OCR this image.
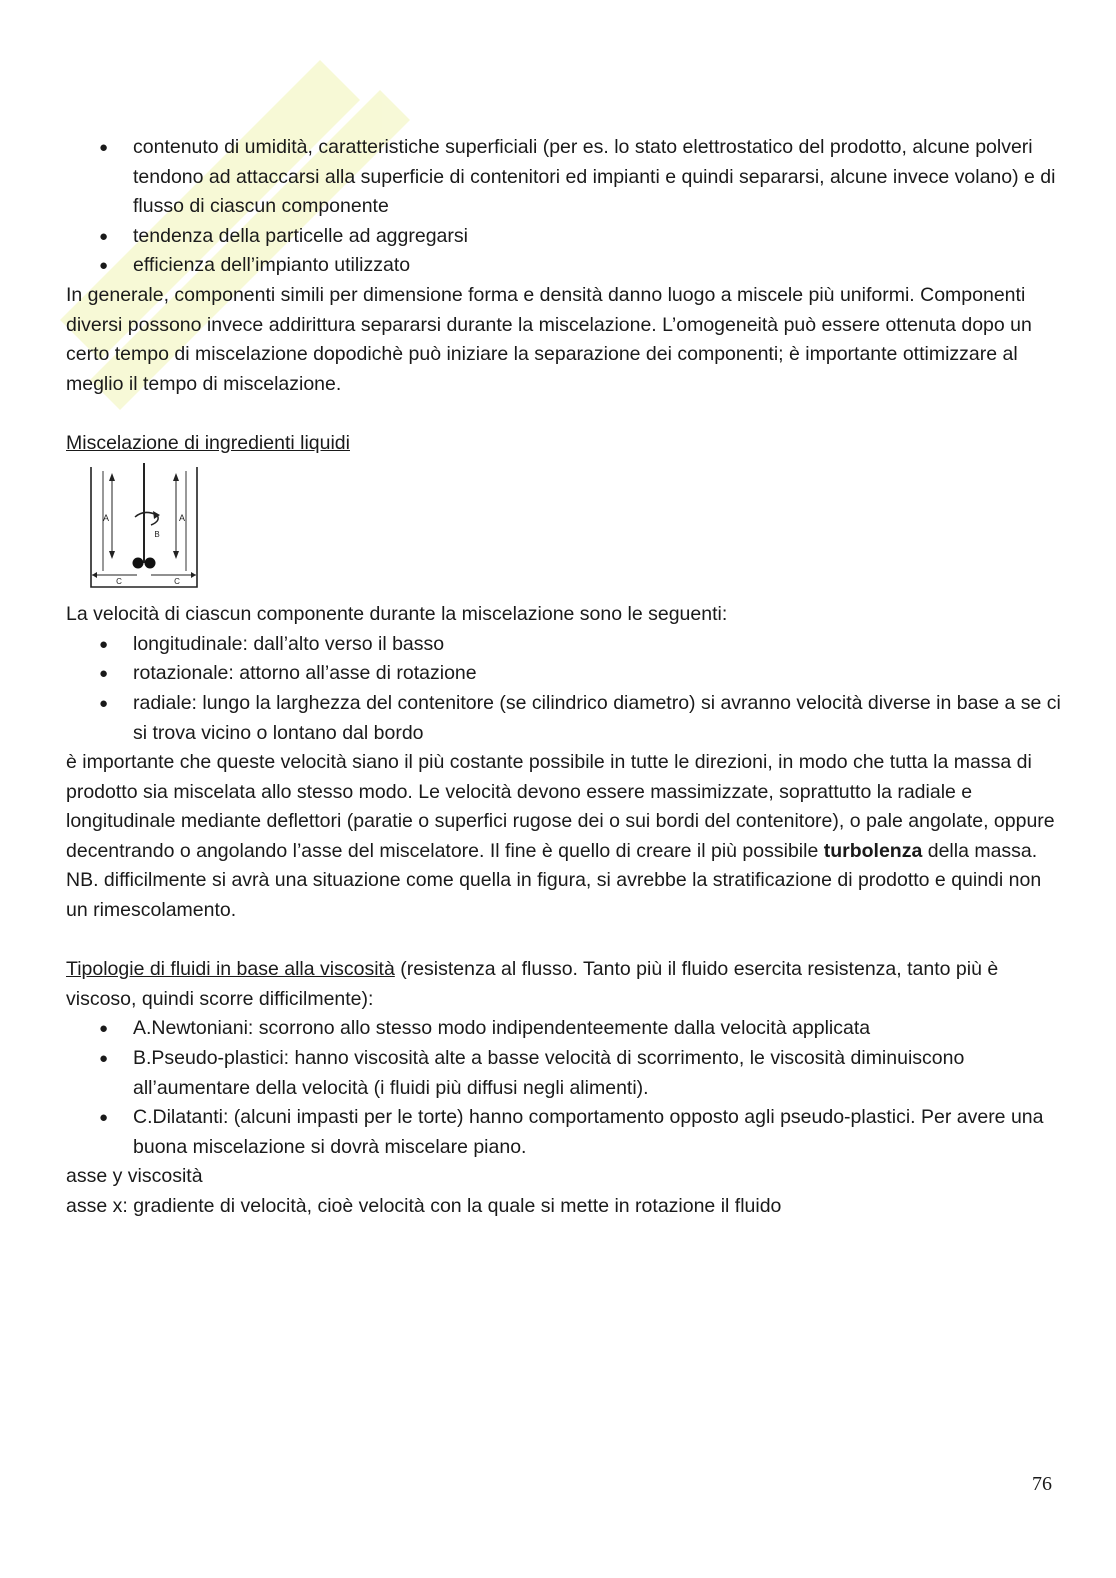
● contenuto di umidità, caratteristiche superficiali (per es. lo stato elettrostatico del prodotto, alcune polveri tendono ad attaccarsi alla superficie di contenitori ed impianti e quindi separarsi, alcune invece volano) e di flusso di ciascun componente
● tendenza della particelle ad aggregarsi
● efficienza dell’impianto utilizzato

In generale, componenti simili per dimensione forma e densità danno luogo a miscele più uniformi. Componenti diversi possono invece addirittura separarsi durante la miscelazione. L’omogeneità può essere ottenuta dopo un certo tempo di miscelazione dopodichè può iniziare la separazione dei componenti; è importante ottimizzare al meglio il tempo di miscelazione.

Miscelazione di ingredienti liquidi

A	A
B
C	C

La velocità di ciascun componente durante la miscelazione sono le seguenti:

● longitudinale: dall’alto verso il basso
● rotazionale: attorno all’asse di rotazione
● radiale: lungo la larghezza del contenitore (se cilindrico diametro) si avranno velocità diverse in base a se ci si trova vicino o lontano dal bordo

è importante che queste velocità siano il più costante possibile in tutte le direzioni, in modo che tutta la massa di prodotto sia miscelata allo stesso modo. Le velocità devono essere massimizzate, soprattutto la radiale e longitudinale mediante deflettori (paratie o superfici rugose dei o sui bordi del contenitore), o pale angolate, oppure decentrando o angolando l’asse del miscelatore. Il fine è quello di creare il più possibile turbolenza della massa. NB. difficilmente si avrà una situazione come quella in figura, si avrebbe la stratificazione di prodotto e quindi non un rimescolamento.

Tipologie di fluidi in base alla viscosità (resistenza al flusso. Tanto più il fluido esercita resistenza, tanto più è viscoso, quindi scorre difficilmente):

● A.Newtoniani: scorrono allo stesso modo indipendenteemente dalla velocità applicata
● B.Pseudo-plastici: hanno viscosità alte a basse velocità di scorrimento, le viscosità diminuiscono all’aumentare della velocità (i fluidi più diffusi negli alimenti).
● C.Dilatanti: (alcuni impasti per le torte) hanno comportamento opposto agli pseudo-plastici. Per avere una buona miscelazione si dovrà miscelare piano.

asse y viscosità

asse x: gradiente di velocità, cioè velocità con la quale si mette in rotazione il fluido

76
